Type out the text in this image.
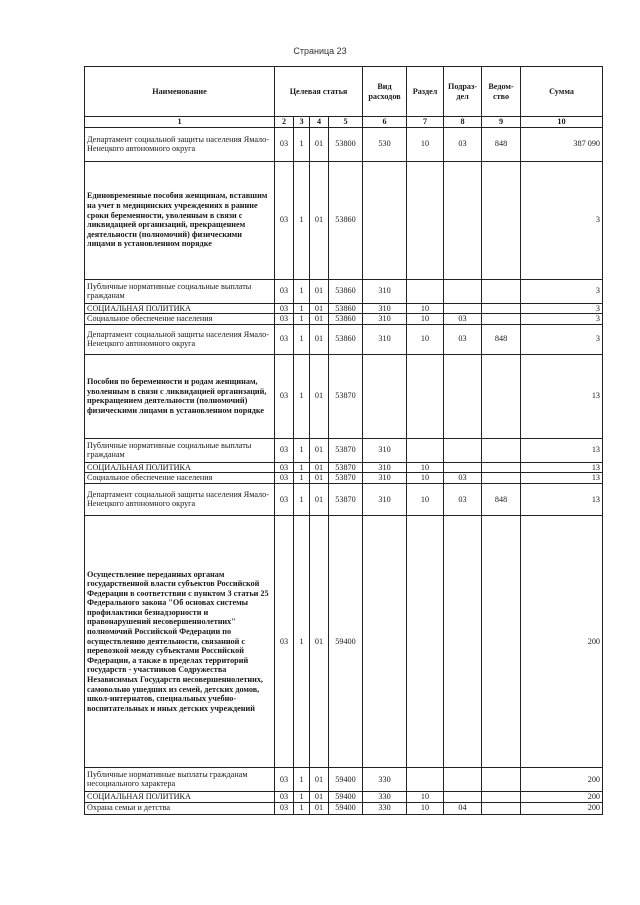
Страница 23
Наименование	Целевая статья				Вид расходов	Раздел	Подраз-дел	Ведом-ство	Сумма
1	2	3	4	5	6	7	8	9	10
Департамент социальной защиты населения Ямало-Ненецкого автономного округа	03	1	01	53800	530	10	03	848	387 090
Единовременные пособия женщинам, вставшим на учет в медицинских учреждениях в ранние сроки беременности, уволенным в связи с ликвидацией организаций, прекращением деятельности (полномочий) физическими лицами в установленном порядке	03	1	01	53860					3
Публичные нормативные социальные выплаты гражданам	03	1	01	53860	310				3
СОЦИАЛЬНАЯ ПОЛИТИКА	03	1	01	53860	310	10			3
Социальное обеспечение населения	03	1	01	53860	310	10	03		3
Департамент социальной защиты населения Ямало-Ненецкого автономного округа	03	1	01	53860	310	10	03	848	3
Пособия по беременности и родам женщинам, уволенным в связи с ликвидацией организаций, прекращением деятельности (полномочий) физическими лицами в установленном порядке	03	1	01	53870					13
Публичные нормативные социальные выплаты гражданам	03	1	01	53870	310				13
СОЦИАЛЬНАЯ ПОЛИТИКА	03	1	01	53870	310	10			13
Социальное обеспечение населения	03	1	01	53870	310	10	03		13
Департамент социальной защиты населения Ямало-Ненецкого автономного округа	03	1	01	53870	310	10	03	848	13
Осуществление переданных органам государственной власти субъектов Российской Федерации в соответствии с пунктом 3 статьи 25 Федерального закона "Об основах системы профилактики безнадзорности и правонарушений несовершеннолетних" полномочий Российской Федерации по осуществлению деятельности, связанной с перевозкой между субъектами Российской Федерации, а также в пределах территорий государств - участников Содружества Независимых Государств несовершеннолетних, самовольно ушедших из семей, детских домов, школ-интернатов, специальных учебно-воспитательных и иных детских учреждений	03	1	01	59400					200
Публичные нормативные выплаты гражданам несоциального характера	03	1	01	59400	330				200
СОЦИАЛЬНАЯ ПОЛИТИКА	03	1	01	59400	330	10			200
Охрана семьи и детства	03	1	01	59400	330	10	04		200
